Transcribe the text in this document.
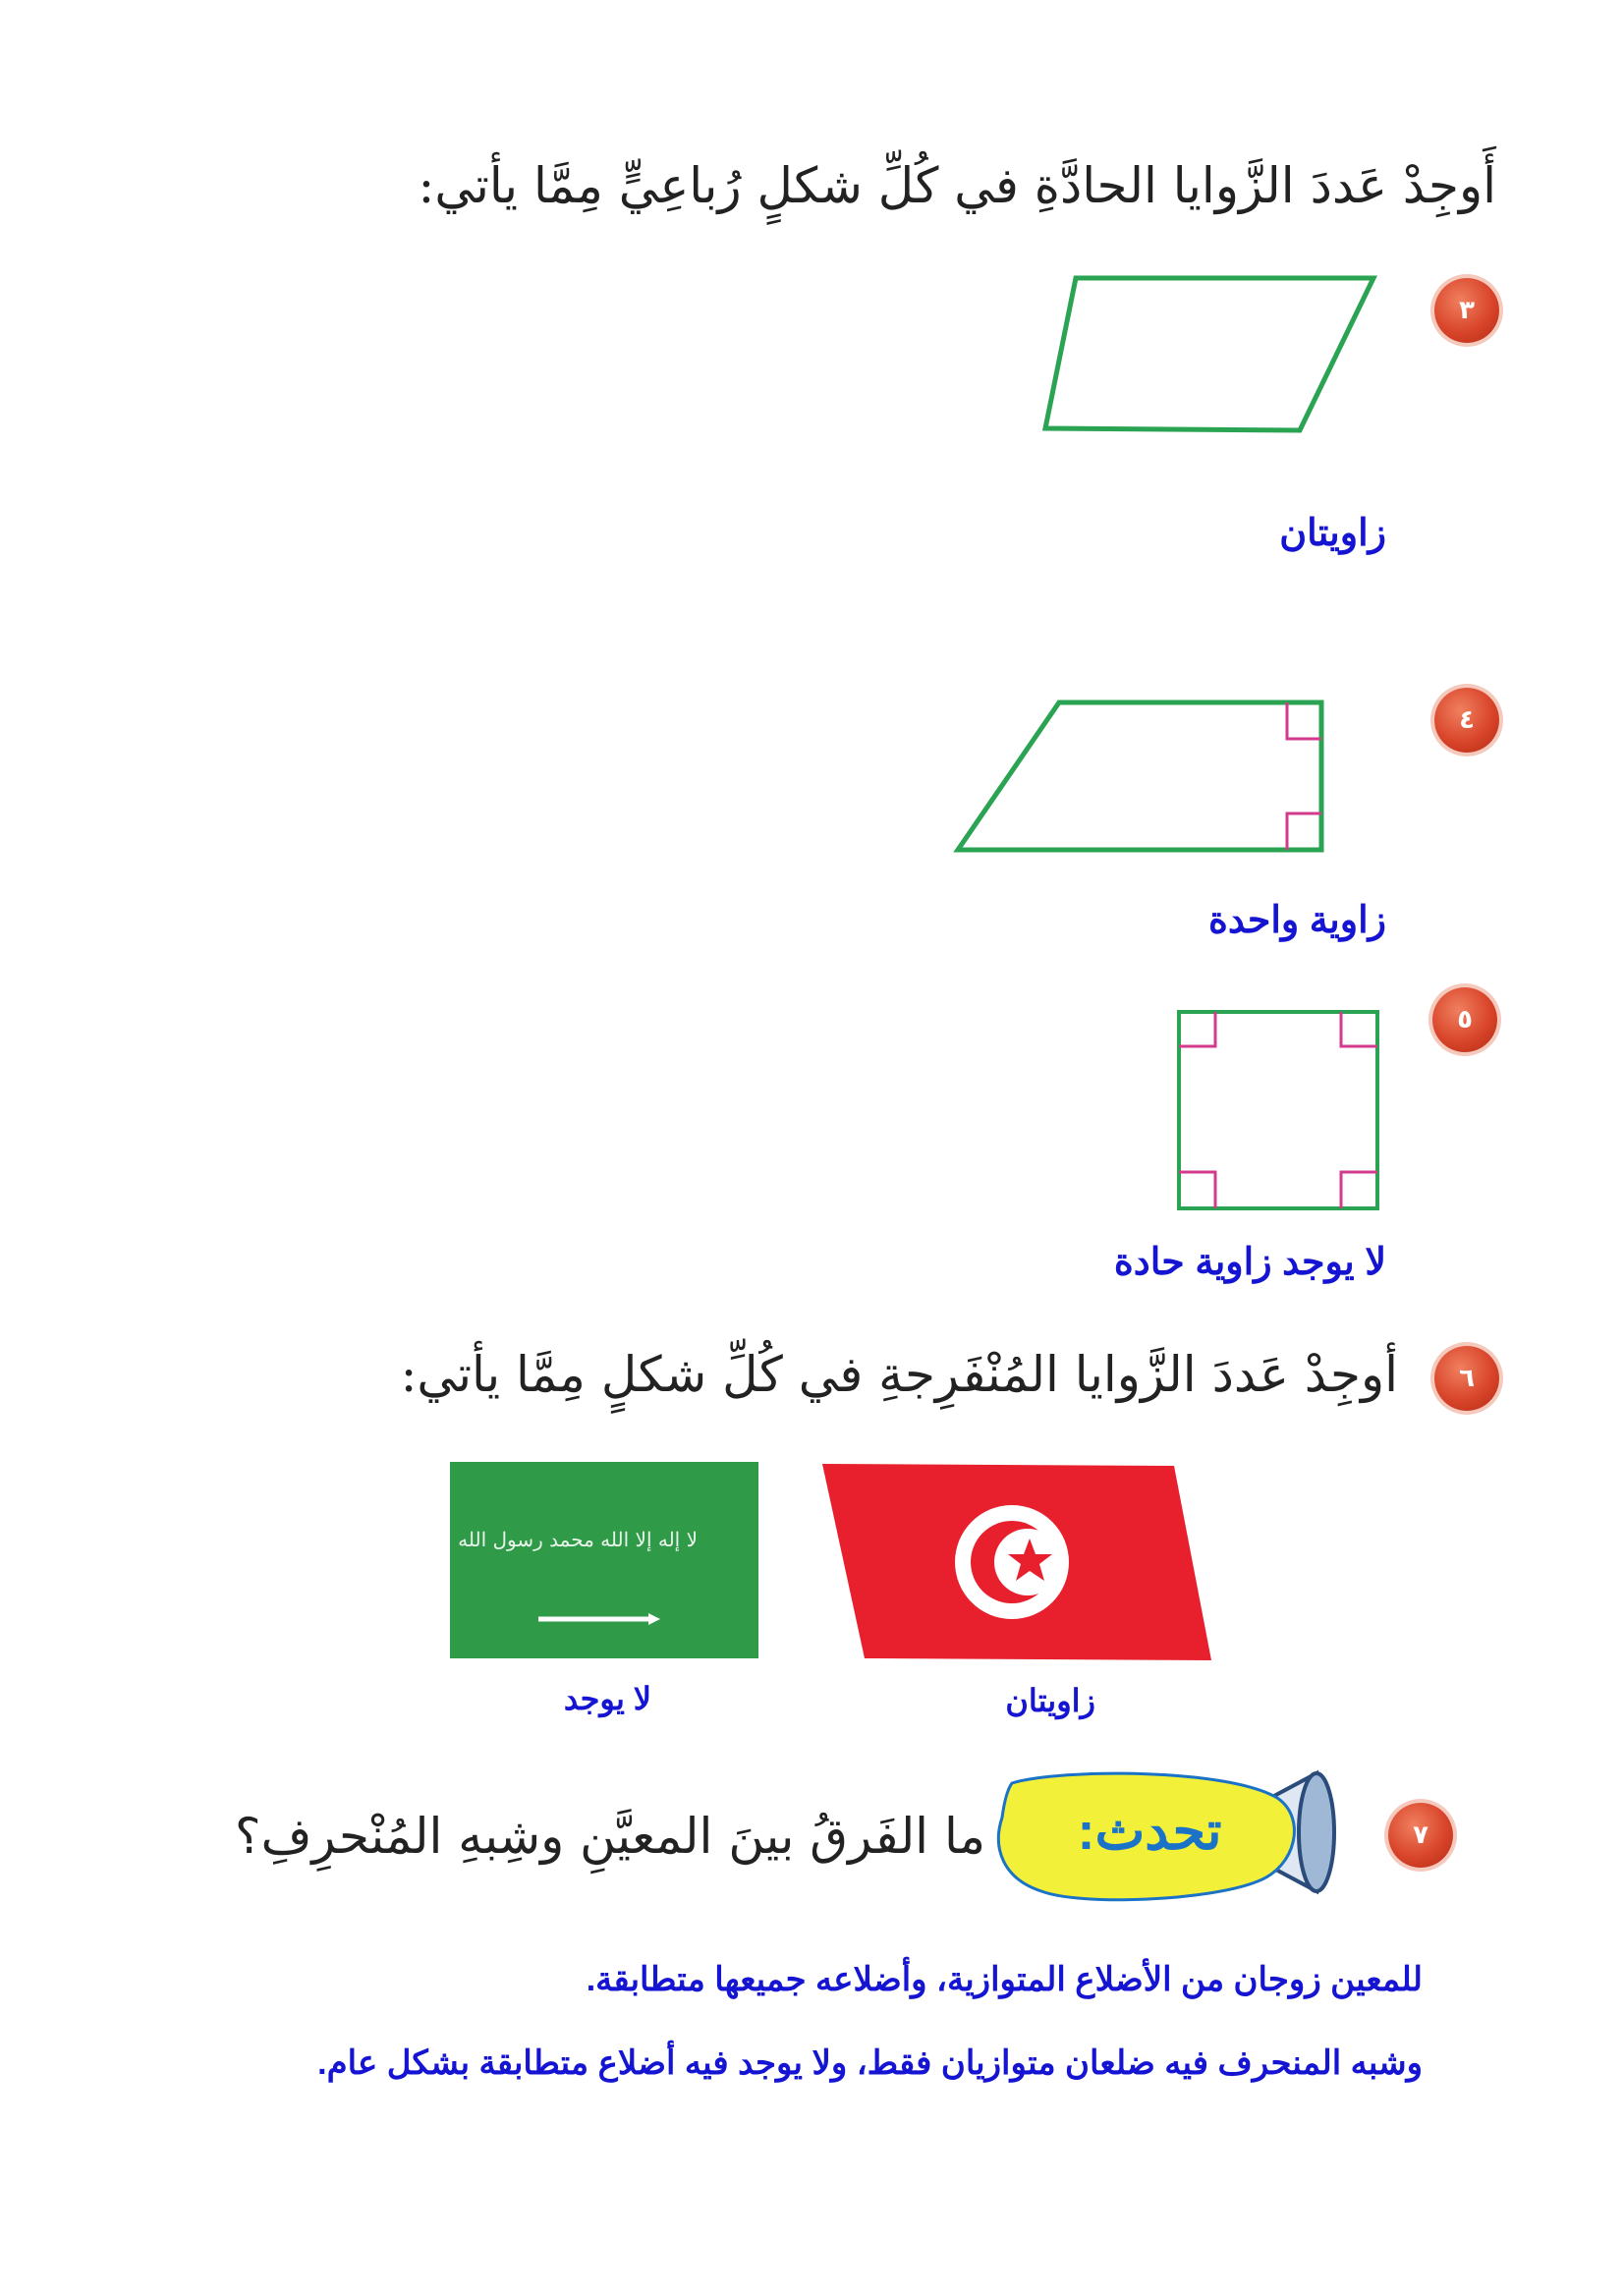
أَوجِدْ عَددَ الزَّوايا الحادَّةِ في كُلِّ شكلٍ رُباعِيٍّ مِمَّا يأتي:
٣
زاويتان
٤
زاوية واحدة
٥
لا يوجد زاوية حادة
٦
أوجِدْ عَددَ الزَّوايا المُنْفَرِجةِ في كُلِّ شكلٍ مِمَّا يأتي:
زاويتان
لا إله إلا الله محمد رسول الله
لا يوجد
٧
تحدث:
ما الفَرقُ بينَ المعيَّنِ وشِبهِ المُنْحرِفِ؟
للمعين زوجان من الأضلاع المتوازية، وأضلاعه جميعها متطابقة.
وشبه المنحرف فيه ضلعان متوازيان فقط، ولا يوجد فيه أضلاع متطابقة بشكل عام.
